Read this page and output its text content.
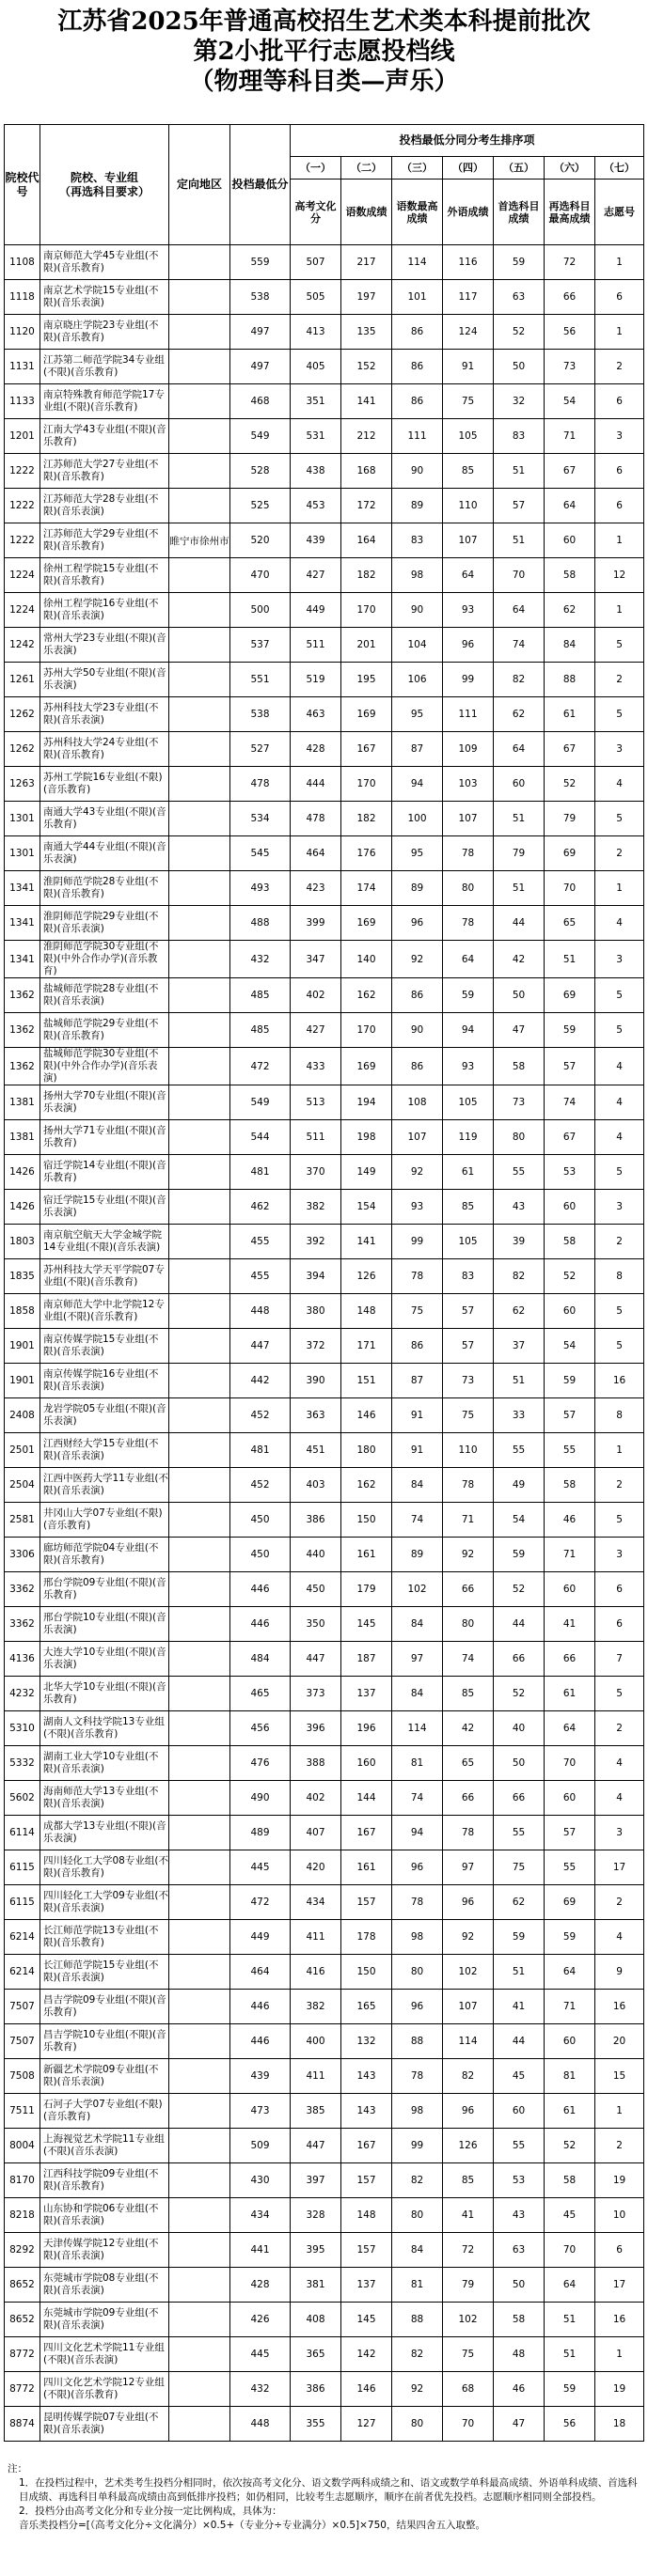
江苏省2025年普通高校招生艺术类本科提前批次
第2小批平行志愿投档线
（物理等科目类—声乐）
院校代号	院校、专业组
（再选科目要求）	定向地区	投档最低分	投档最低分同分考生排序项						
				（一）	（二）	（三）	（四）	（五）	（六）	（七）
				高考文化分	语数成绩	语数最高成绩	外语成绩	首选科目成绩	再选科目最高成绩	志愿号
1108	南京师范大学45专业组(不限)(音乐教育)		559	507	217	114	116	59	72	1
1118	南京艺术学院15专业组(不限)(音乐表演)		538	505	197	101	117	63	66	6
1120	南京晓庄学院23专业组(不限)(音乐教育)		497	413	135	86	124	52	56	1
1131	江苏第二师范学院34专业组(不限)(音乐教育)		497	405	152	86	91	50	73	2
1133	南京特殊教育师范学院17专业组(不限)(音乐教育)		468	351	141	86	75	32	54	6
1201	江南大学43专业组(不限)(音乐教育)		549	531	212	111	105	83	71	3
1222	江苏师范大学27专业组(不限)(音乐教育)		528	438	168	90	85	51	67	6
1222	江苏师范大学28专业组(不限)(音乐表演)		525	453	172	89	110	57	64	6
1222	江苏师范大学29专业组(不限)(音乐教育)	睢宁市徐州市	520	439	164	83	107	51	60	1
1224	徐州工程学院15专业组(不限)(音乐教育)		470	427	182	98	64	70	58	12
1224	徐州工程学院16专业组(不限)(音乐表演)		500	449	170	90	93	64	62	1
1242	常州大学23专业组(不限)(音乐表演)		537	511	201	104	96	74	84	5
1261	苏州大学50专业组(不限)(音乐表演)		551	519	195	106	99	82	88	2
1262	苏州科技大学23专业组(不限)(音乐表演)		538	463	169	95	111	62	61	5
1262	苏州科技大学24专业组(不限)(音乐教育)		527	428	167	87	109	64	67	3
1263	苏州工学院16专业组(不限)(音乐教育)		478	444	170	94	103	60	52	4
1301	南通大学43专业组(不限)(音乐教育)		534	478	182	100	107	51	79	5
1301	南通大学44专业组(不限)(音乐表演)		545	464	176	95	78	79	69	2
1341	淮阴师范学院28专业组(不限)(音乐教育)		493	423	174	89	80	51	70	1
1341	淮阴师范学院29专业组(不限)(音乐表演)		488	399	169	96	78	44	65	4
1341	淮阴师范学院30专业组(不限)(中外合作办学)(音乐教育)		432	347	140	92	64	42	51	3
1362	盐城师范学院28专业组(不限)(音乐表演)		485	402	162	86	59	50	69	5
1362	盐城师范学院29专业组(不限)(音乐教育)		485	427	170	90	94	47	59	5
1362	盐城师范学院30专业组(不限)(中外合作办学)(音乐表演)		472	433	169	86	93	58	57	4
1381	扬州大学70专业组(不限)(音乐表演)		549	513	194	108	105	73	74	4
1381	扬州大学71专业组(不限)(音乐教育)		544	511	198	107	119	80	67	4
1426	宿迁学院14专业组(不限)(音乐教育)		481	370	149	92	61	55	53	5
1426	宿迁学院15专业组(不限)(音乐表演)		462	382	154	93	85	43	60	3
1803	南京航空航天大学金城学院14专业组(不限)(音乐表演)		455	392	141	99	105	39	58	2
1835	苏州科技大学天平学院07专业组(不限)(音乐教育)		455	394	126	78	83	82	52	8
1858	南京师范大学中北学院12专业组(不限)(音乐教育)		448	380	148	75	57	62	60	5
1901	南京传媒学院15专业组(不限)(音乐表演)		447	372	171	86	57	37	54	5
1901	南京传媒学院16专业组(不限)(音乐表演)		442	390	151	87	73	51	59	16
2408	龙岩学院05专业组(不限)(音乐表演)		452	363	146	91	75	33	57	8
2501	江西财经大学15专业组(不限)(音乐表演)		481	451	180	91	110	55	55	1
2504	江西中医药大学11专业组(不限)(音乐表演)		452	403	162	84	78	49	58	2
2581	井冈山大学07专业组(不限)(音乐教育)		450	386	150	74	71	54	46	5
3306	廊坊师范学院04专业组(不限)(音乐教育)		450	440	161	89	92	59	71	3
3362	邢台学院09专业组(不限)(音乐教育)		446	450	179	102	66	52	60	6
3362	邢台学院10专业组(不限)(音乐表演)		446	350	145	84	80	44	41	6
4136	大连大学10专业组(不限)(音乐表演)		484	447	187	97	74	66	66	7
4232	北华大学10专业组(不限)(音乐教育)		465	373	137	84	85	52	61	5
5310	湖南人文科技学院13专业组(不限)(音乐教育)		456	396	196	114	42	40	64	2
5332	湖南工业大学10专业组(不限)(音乐表演)		476	388	160	81	65	50	70	4
5602	海南师范大学13专业组(不限)(音乐表演)		490	402	144	74	66	66	60	4
6114	成都大学13专业组(不限)(音乐表演)		489	407	167	94	78	55	57	3
6115	四川轻化工大学08专业组(不限)(音乐教育)		445	420	161	96	97	75	55	17
6115	四川轻化工大学09专业组(不限)(音乐表演)		472	434	157	78	96	62	69	2
6214	长江师范学院13专业组(不限)(音乐教育)		449	411	178	98	92	59	59	4
6214	长江师范学院15专业组(不限)(音乐表演)		464	416	150	80	102	51	64	9
7507	昌吉学院09专业组(不限)(音乐教育)		446	382	165	96	107	41	71	16
7507	昌吉学院10专业组(不限)(音乐教育)		446	400	132	88	114	44	60	20
7508	新疆艺术学院09专业组(不限)(音乐表演)		439	411	143	78	82	45	81	15
7511	石河子大学07专业组(不限)(音乐教育)		473	385	143	98	96	60	61	1
8004	上海视觉艺术学院11专业组(不限)(音乐表演)		509	447	167	99	126	55	52	2
8170	江西科技学院09专业组(不限)(音乐教育)		430	397	157	82	85	53	58	19
8218	山东协和学院06专业组(不限)(音乐表演)		434	328	148	80	41	43	45	10
8292	天津传媒学院12专业组(不限)(音乐表演)		441	395	157	84	72	63	70	6
8652	东莞城市学院08专业组(不限)(音乐表演)		428	381	137	81	79	50	64	17
8652	东莞城市学院09专业组(不限)(音乐表演)		426	408	145	88	102	58	51	16
8772	四川文化艺术学院11专业组(不限)(音乐表演)		445	365	142	82	75	48	51	1
8772	四川文化艺术学院12专业组(不限)(音乐教育)		432	386	146	92	68	46	59	19
8874	昆明传媒学院07专业组(不限)(音乐表演)		448	355	127	80	70	47	56	18

注：

1．在投档过程中，艺术类考生投档分相同时，依次按高考文化分、语文数学两科成绩之和、语文或数学单科最高成绩、外语单科成绩、首选科目成绩、再选科目单科最高成绩由高到低排序投档；如仍相同，比较考生志愿顺序，顺序在前者优先投档。志愿顺序相同则全部投档。

2．投档分由高考文化分和专业分按一定比例构成，具体为：

音乐类投档分=[（高考文化分÷文化满分）×0.5+（专业分÷专业满分）×0.5]×750，结果四舍五入取整。
